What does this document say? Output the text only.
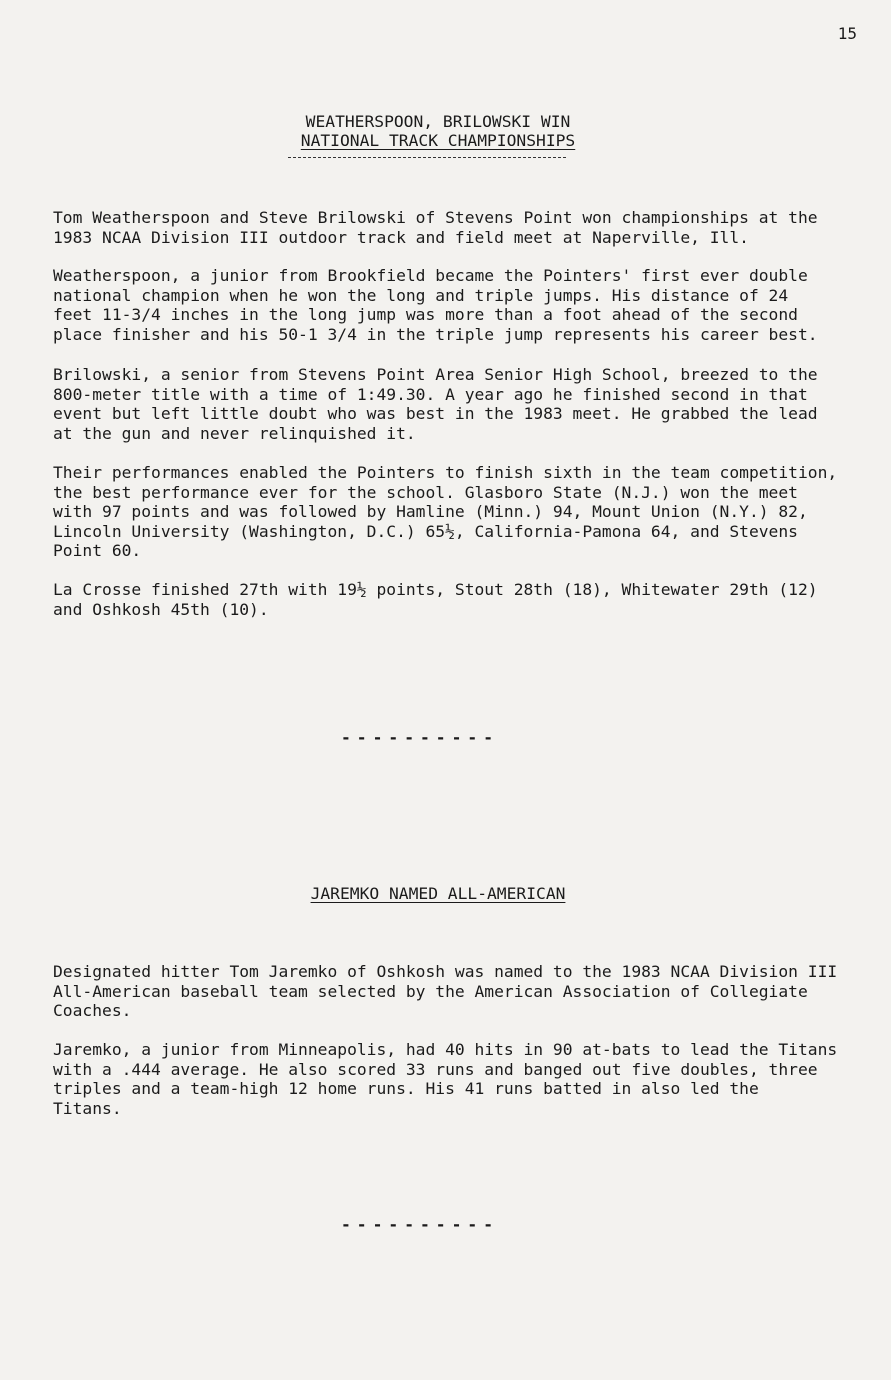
15
WEATHERSPOON, BRILOWSKI WIN
NATIONAL TRACK CHAMPIONSHIPS

Tom Weatherspoon and Steve Brilowski of Stevens Point won championships at the
1983 NCAA Division III outdoor track and field meet at Naperville, Ill.

Weatherspoon, a junior from Brookfield became the Pointers' first ever double
national champion when he won the long and triple jumps. His distance of 24
feet 11-3/4 inches in the long jump was more than a foot ahead of the second
place finisher and his 50-1 3/4 in the triple jump represents his career best.

Brilowski, a senior from Stevens Point Area Senior High School, breezed to the
800-meter title with a time of 1:49.30. A year ago he finished second in that
event but left little doubt who was best in the 1983 meet. He grabbed the lead
at the gun and never relinquished it.

Their performances enabled the Pointers to finish sixth in the team competition,
the best performance ever for the school. Glasboro State (N.J.) won the meet
with 97 points and was followed by Hamline (Minn.) 94, Mount Union (N.Y.) 82,
Lincoln University (Washington, D.C.) 65½, California-Pamona 64, and Stevens
Point 60.

La Crosse finished 27th with 19½ points, Stout 28th (18), Whitewater 29th (12)
and Oshkosh 45th (10).

----------
JAREMKO NAMED ALL-AMERICAN

Designated hitter Tom Jaremko of Oshkosh was named to the 1983 NCAA Division III
All-American baseball team selected by the American Association of Collegiate
Coaches.

Jaremko, a junior from Minneapolis, had 40 hits in 90 at-bats to lead the Titans
with a .444 average. He also scored 33 runs and banged out five doubles, three
triples and a team-high 12 home runs. His 41 runs batted in also led the
Titans.

----------
